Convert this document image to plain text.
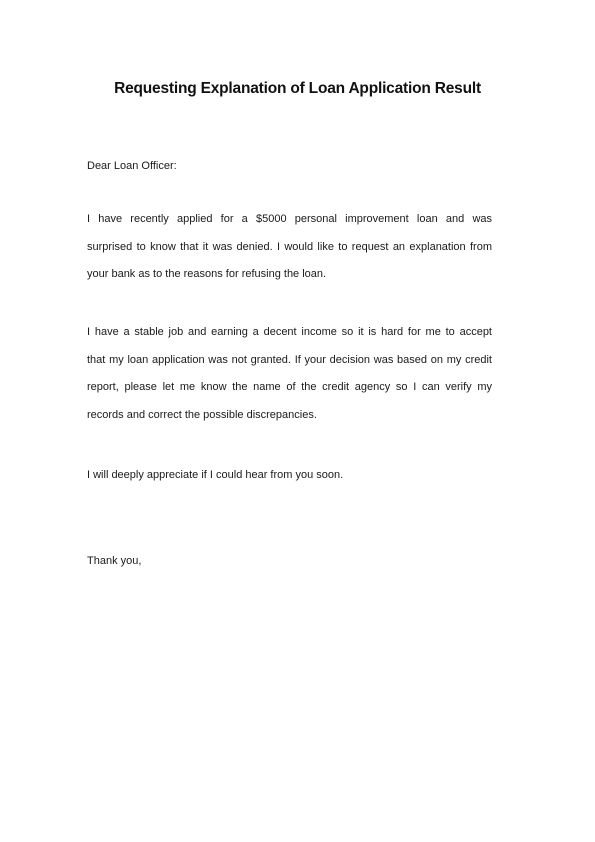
Requesting Explanation of Loan Application Result
Dear Loan Officer:
I have recently applied for a $5000 personal improvement loan and was
surprised to know that it was denied. I would like to request an explanation from
your bank as to the reasons for refusing the loan.
I have a stable job and earning a decent income so it is hard for me to accept
that my loan application was not granted. If your decision was based on my credit
report, please let me know the name of the credit agency so I can verify my
records and correct the possible discrepancies.
I will deeply appreciate if I could hear from you soon.
Thank you,
